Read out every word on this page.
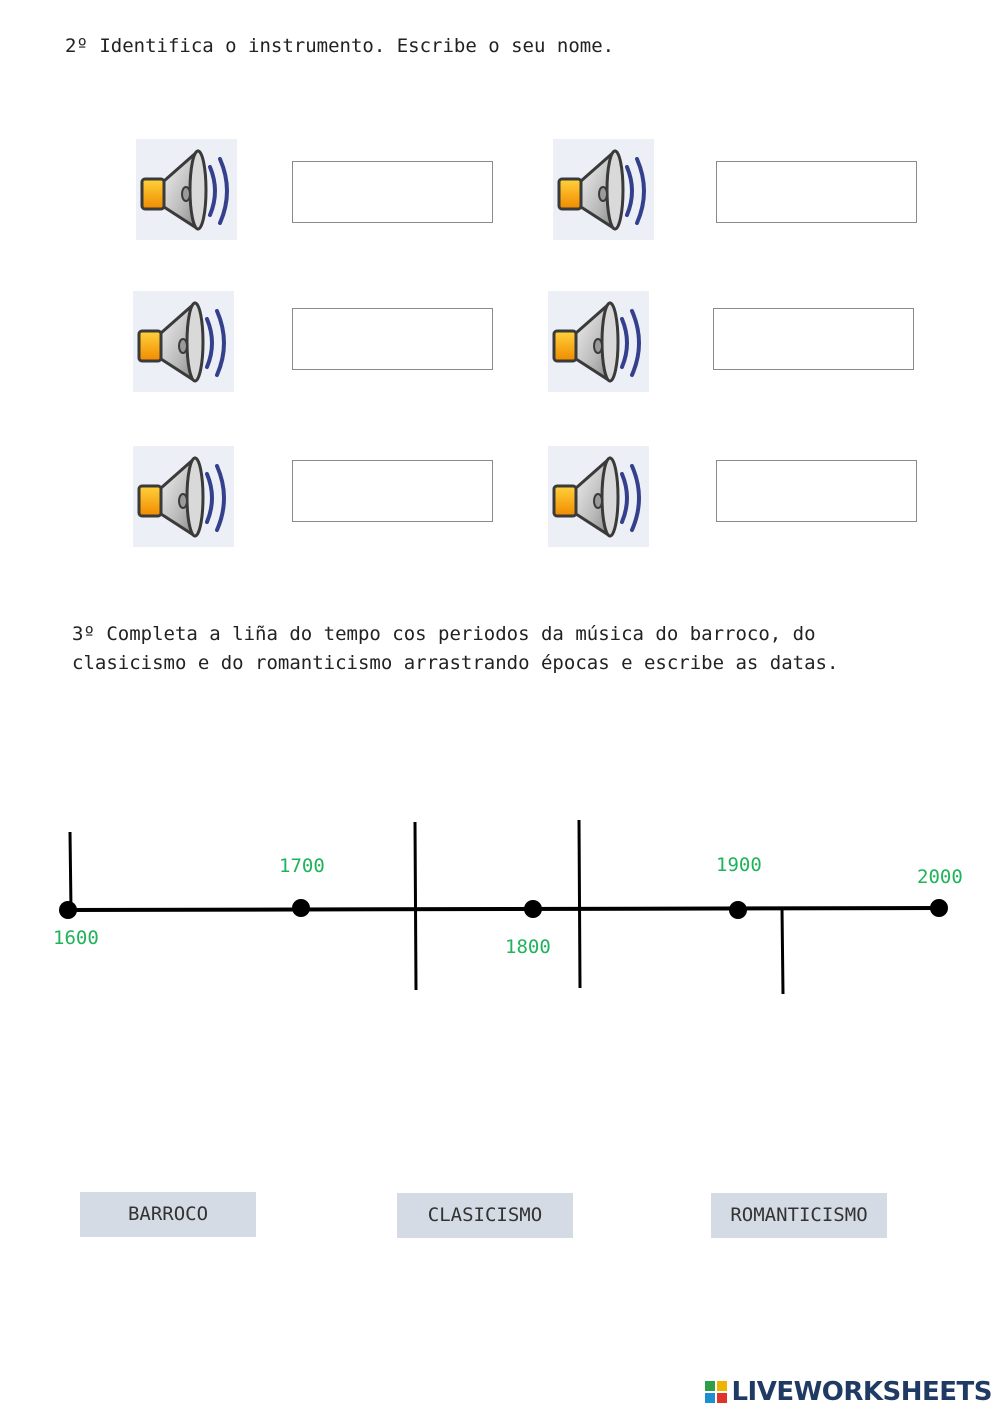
2º Identifica o instrumento. Escribe o seu nome.

3º Completa a liña do tempo cos periodos da música do barroco, do
clasicismo e do romanticismo arrastrando épocas e escribe as datas.

1600
1700
1800
1900
2000
BARROCO	CLASICISMO	ROMANTICISMO
LIVEWORKSHEETS
